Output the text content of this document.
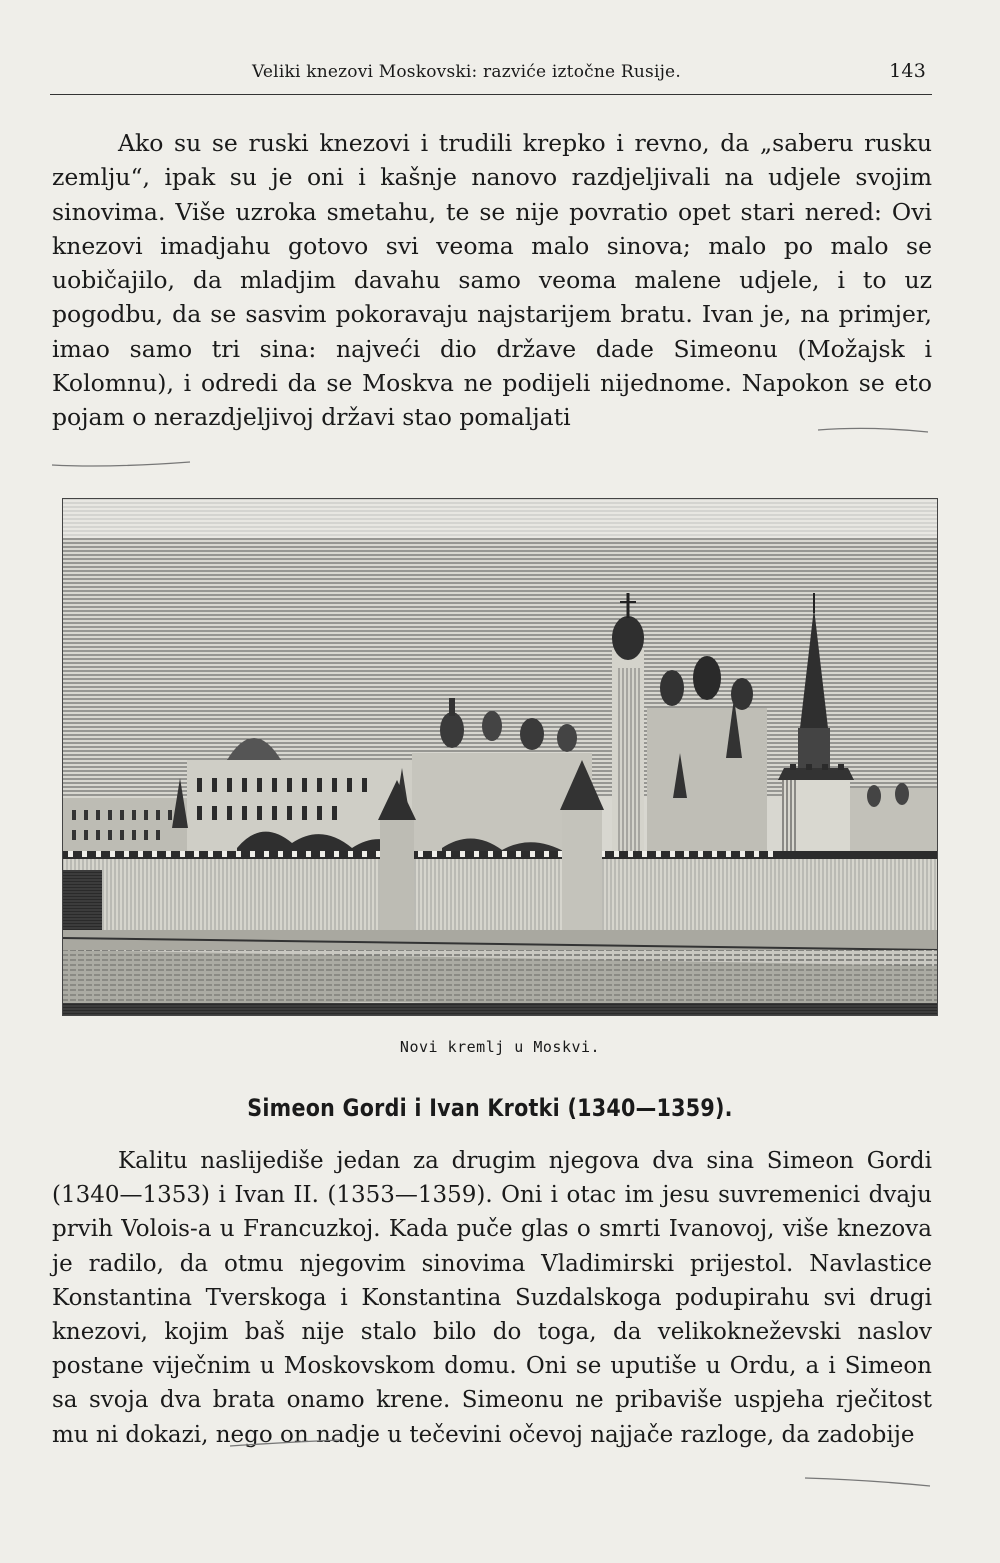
Veliki knezovi Moskovski: razviće iztočne Rusije.	143

Ako su se ruski knezovi i trudili krepko i revno, da „saberu rusku zemlju“, ipak su je oni i kašnje nanovo razdjeljivali na udjele svojim sinovima. Više uzroka smetahu, te se nije povratio opet stari nered: Ovi knezovi imadjahu gotovo svi veoma malo sinova; malo po malo se uobičajilo, da mladjim davahu samo veoma malene udjele, i to uz pogodbu, da se sasvim pokoravaju najstarijem bratu. Ivan je, na primjer, imao samo tri sina: najveći dio države dade Simeonu (Možajsk i Kolomnu), i odredi da se Moskva ne podijeli nijednome. Napokon se eto pojam o nerazdjeljivoj državi stao pomaljati

Novi kremlj u Moskvi.
Simeon Gordi i Ivan Krotki (1340—1359).

Kalitu naslijediše jedan za drugim njegova dva sina Simeon Gordi (1340—1353) i Ivan II. (1353—1359). Oni i otac im jesu suvremenici dvaju prvih Volois-a u Francuzkoj. Kada puče glas o smrti Ivanovoj, više knezova je radilo, da otmu njegovim sinovima Vladimirski prijestol. Navlastice Konstantina Tverskoga i Konstantina Suzdalskoga podupirahu svi drugi knezovi, kojim baš nije stalo bilo do toga, da velikokneževski naslov postane viječnim u Moskovskom domu. Oni se uputiše u Ordu, a i Simeon sa svoja dva brata onamo krene. Simeonu ne pribaviše uspjeha rječitost mu ni dokazi, nego on nadje u tečevini očevoj najjače razloge, da zadobije
